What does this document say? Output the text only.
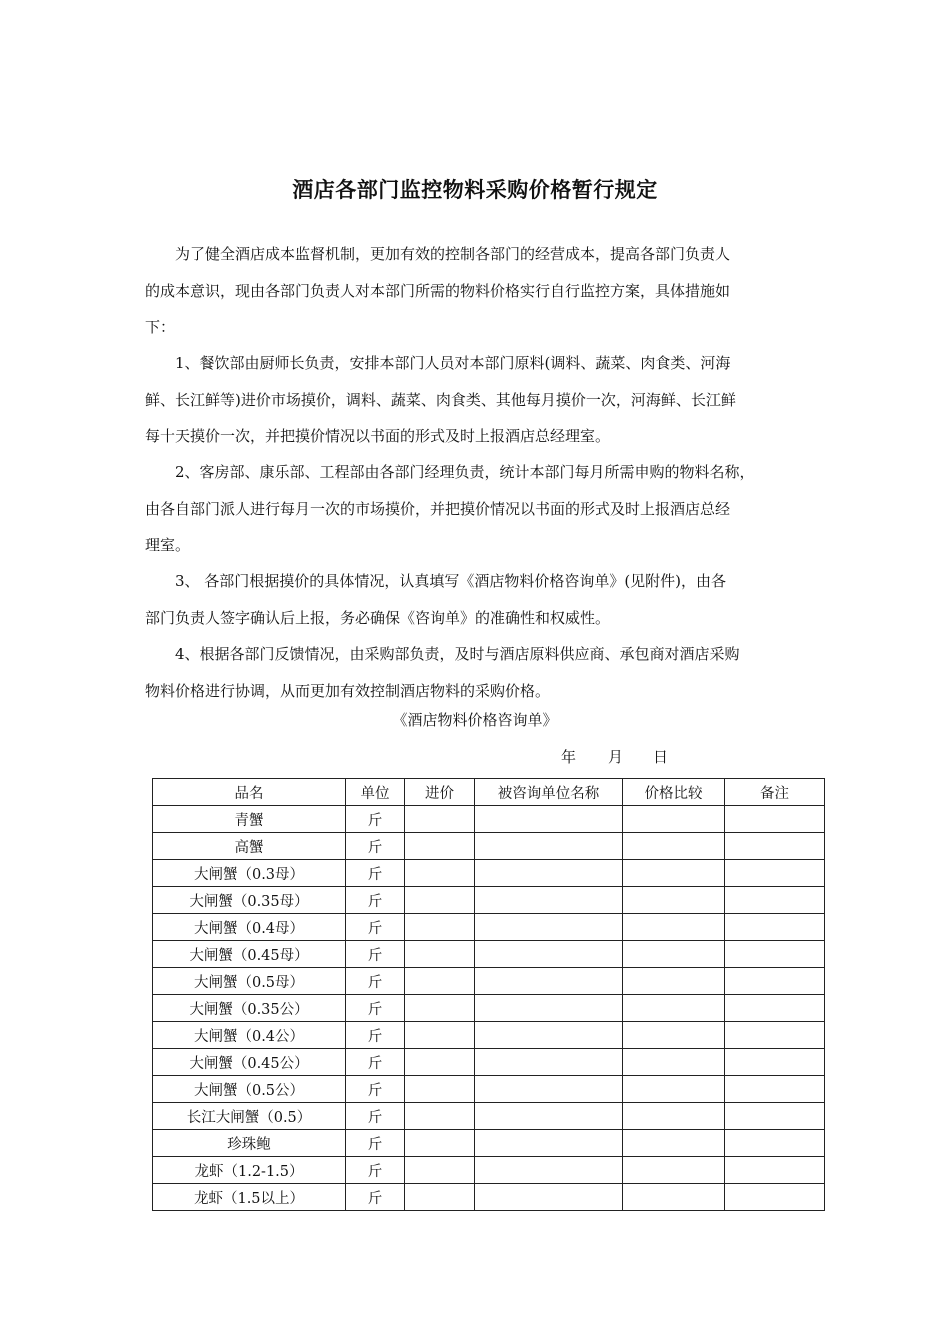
酒店各部门监控物料采购价格暂行规定
为了健全酒店成本监督机制，更加有效的控制各部门的经营成本，提高各部门负责人
的成本意识，现由各部门负责人对本部门所需的物料价格实行自行监控方案，具体措施如
下：
1、餐饮部由厨师长负责，安排本部门人员对本部门原料(调料、蔬菜、肉食类、河海
鲜、长江鲜等)进价市场摸价，调料、蔬菜、肉食类、其他每月摸价一次，河海鲜、长江鲜
每十天摸价一次，并把摸价情况以书面的形式及时上报酒店总经理室。
2、客房部、康乐部、工程部由各部门经理负责，统计本部门每月所需申购的物料名称，
由各自部门派人进行每月一次的市场摸价，并把摸价情况以书面的形式及时上报酒店总经
理室。
3、 各部门根据摸价的具体情况，认真填写《酒店物料价格咨询单》(见附件)，由各
部门负责人签字确认后上报，务必确保《咨询单》的准确性和权威性。
4、根据各部门反馈情况，由采购部负责，及时与酒店原料供应商、承包商对酒店采购
物料价格进行协调，从而更加有效控制酒店物料的采购价格。
《酒店物料价格咨询单》
年 月 日
品名	单位	进价	被咨询单位名称	价格比较	备注
青蟹	斤				
高蟹	斤				
大闸蟹（0.3母）	斤				
大闸蟹（0.35母）	斤				
大闸蟹（0.4母）	斤				
大闸蟹（0.45母）	斤				
大闸蟹（0.5母）	斤				
大闸蟹（0.35公）	斤				
大闸蟹（0.4公）	斤				
大闸蟹（0.45公）	斤				
大闸蟹（0.5公）	斤				
长江大闸蟹（0.5）	斤				
珍珠鲍	斤				
龙虾（1.2-1.5）	斤				
龙虾（1.5以上）	斤				
